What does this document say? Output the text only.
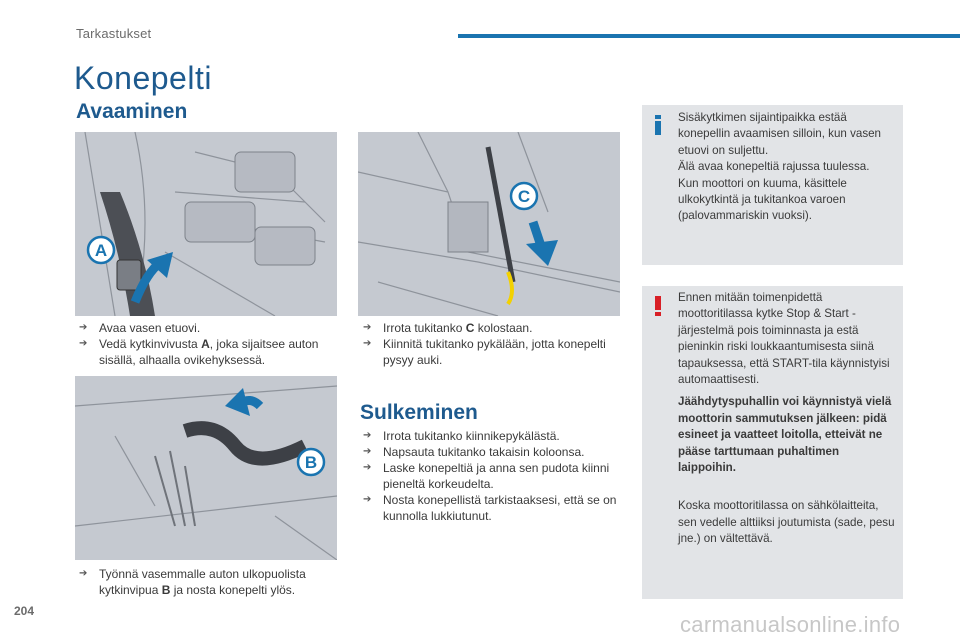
Tarkastukset
Konepelti
Avaaminen
A
C
B
➔ Avaa vasen etuovi.
➔ Vedä kytkinvivusta A, joka sijaitsee auton sisällä, alhaalla ovikehyksessä.
➔ Irrota tukitanko C kolostaan.
➔ Kiinnitä tukitanko pykälään, jotta konepelti pysyy auki.
➔ Työnnä vasemmalle auton ulkopuolista kytkinvipua B ja nosta konepelti ylös.
Sulkeminen
➔ Irrota tukitanko kiinnikepykälästä.
➔ Napsauta tukitanko takaisin koloonsa.
➔ Laske konepeltiä ja anna sen pudota kiinni pieneltä korkeudelta.
➔ Nosta konepellistä tarkistaaksesi, että se on kunnolla lukkiutunut.

Sisäkytkimen sijaintipaikka estää konepellin avaamisen silloin, kun vasen etuovi on suljettu.

Älä avaa konepeltiä rajussa tuulessa.

Kun moottori on kuuma, käsittele ulkokytkintä ja tukitankoa varoen (palovammariskin vuoksi).

Ennen mitään toimenpidettä moottoritilassa kytke Stop & Start -järjestelmä pois toiminnasta ja estä pieninkin riski loukkaantumisesta siinä tapauksessa, että START-tila käynnistyisi automaattisesti.

Jäähdytyspuhallin voi käynnistyä vielä moottorin sammutuksen jälkeen: pidä esineet ja vaatteet loitolla, etteivät ne pääse tarttumaan puhaltimen laippoihin.

Koska moottoritilassa on sähkölaitteita, sen vedelle alttiiksi joutumista (sade, pesu jne.) on vältettävä.

204
carmanualsonline.info
